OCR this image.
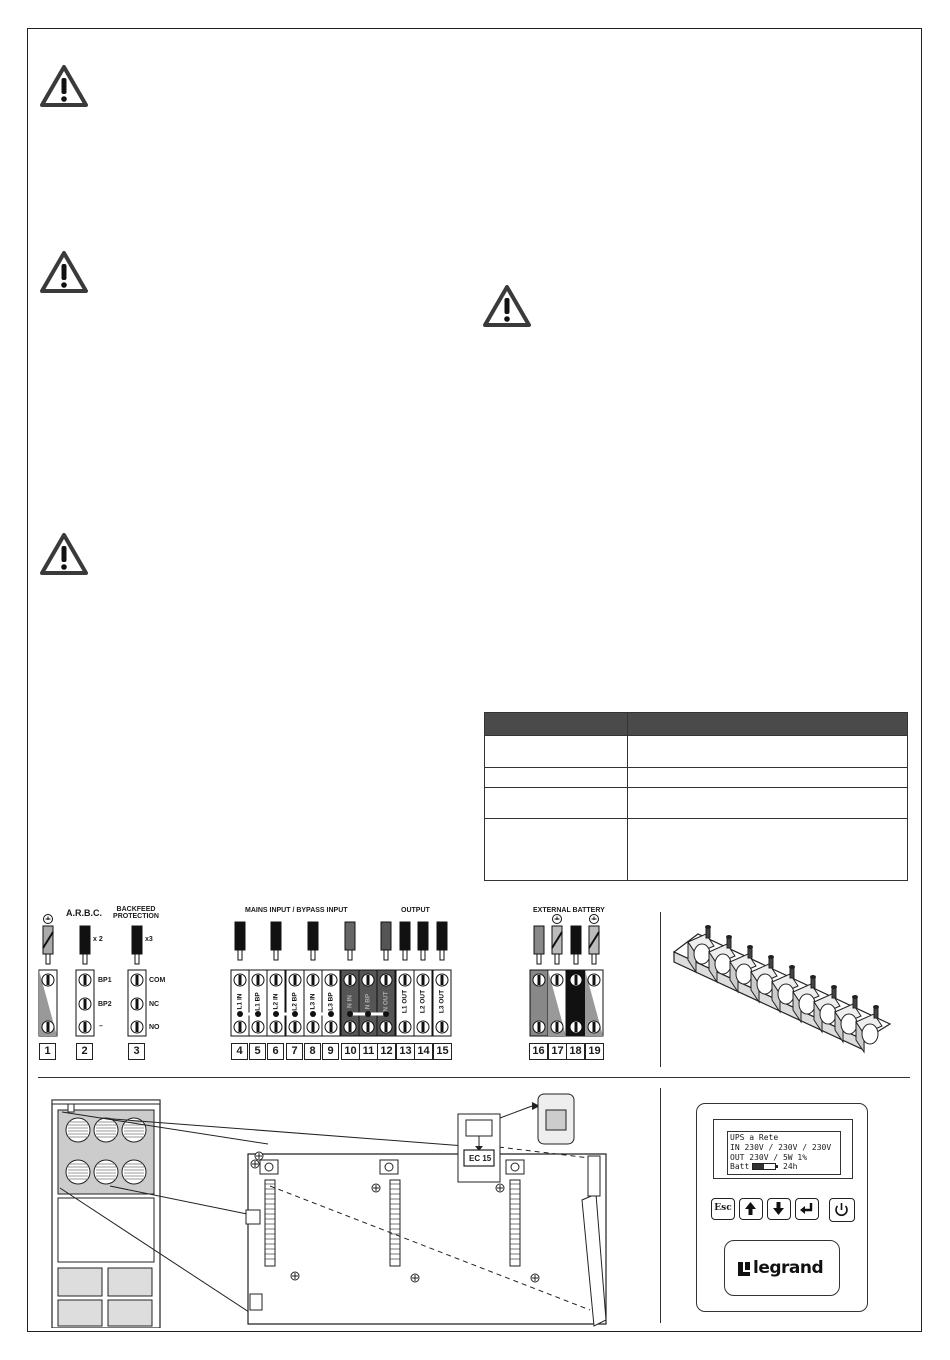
A.R.B.C. BACKFEED
PROTECTION
MAINS INPUT / BYPASS INPUT	OUTPUT	EXTERNAL BATTERY
x 2	x3
BP1
BP2
–
COM
NC
NO
1	2	3	4	5	6	7	8	9 10 11 12 13 14 15	16 17 18 19
L1 IN L1 BP L2 IN L2 BP L3 IN L3 BP N IN N BP N OUT L1 OUT L2 OUT L3 OUT
EC 15
UPS a Rete
IN 230V / 230V / 230V
OUT 230V / 5W 1%
Batt	24h
Esc
legrand
